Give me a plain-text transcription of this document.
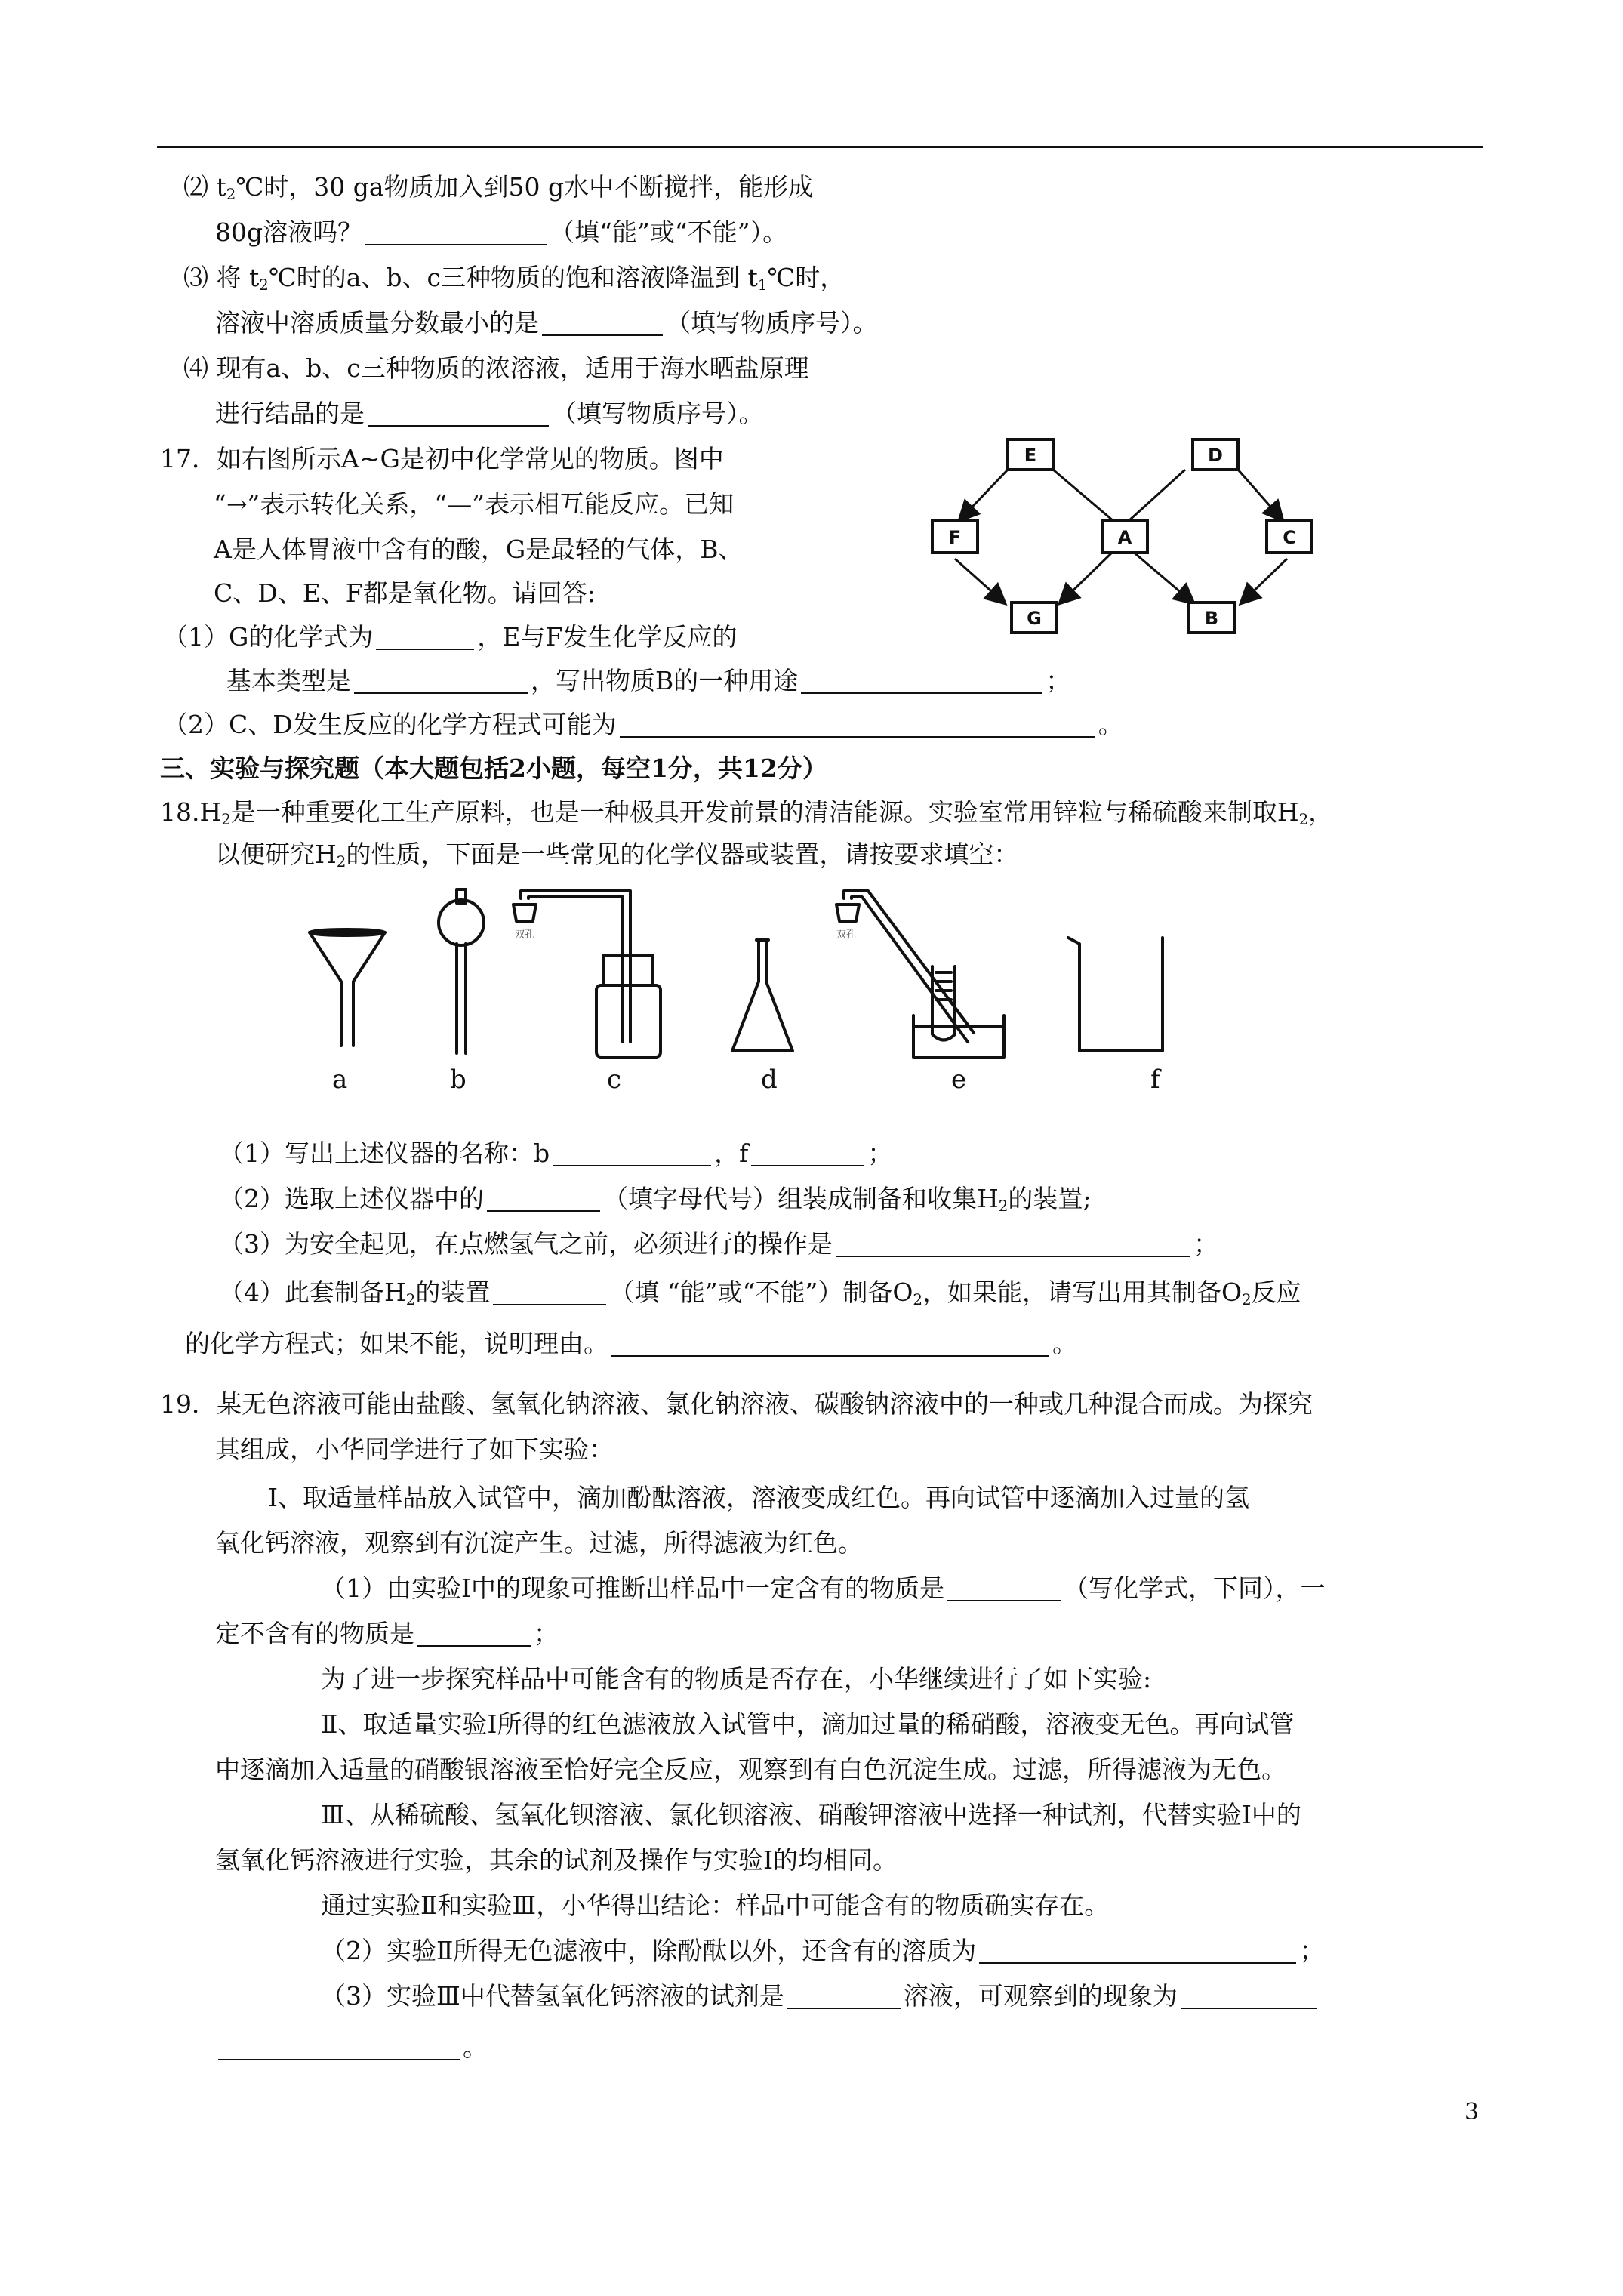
⑵ $t_2℃$时，30 ga物质加入到50 g水中不断搅拌，能形成
80g溶液吗？	（填“能”或“不能”）。
⑶ 将 $t_2℃$时的a、b、c三种物质的饱和溶液降温到 $t_1℃$时，
溶液中溶质质量分数最小的是	（填写物质序号）。
⑷ 现有a、b、c三种物质的浓溶液，适用于海水晒盐原理
进行结晶的是	（填写物质序号）。
17．如右图所示A~G是初中化学常见的物质。图中
“→”表示转化关系，“—”表示相互能反应。已知
A是人体胃液中含有的酸，G是最轻的气体，B、
C、D、E、F都是氧化物。请回答:
（1）G的化学式为	，E与F发生化学反应的
基本类型是	，写出物质B的一种用途	；
（2）C、D发生反应的化学方程式可能为	。
E	D
F	A	C
G	B
三、实验与探究题（本大题包括2小题，每空1分，共12分）
$18.H_2$是一种重要化工生产原料，也是一种极具开发前景的清洁能源。实验室常用锌粒与稀硫酸来制取$H_2$，
以便研究$H_2$的性质，下面是一些常见的化学仪器或装置，请按要求填空：
双孔	双孔
a	b	c	d	e	f
（1）写出上述仪器的名称：b	，f	；
（2）选取上述仪器中的	（填字母代号）组装成制备和收集$H_2$的装置;
（3）为安全起见，在点燃氢气之前，必须进行的操作是	；
（4）此套制备$H_2$的装置	（填 “能”或“不能”）制备$O_2$，如果能，请写出用其制备$O_2$反应
的化学方程式；如果不能，说明理由。	。
19．某无色溶液可能由盐酸、氢氧化钠溶液、氯化钠溶液、碳酸钠溶液中的一种或几种混合而成。为探究
其组成，小华同学进行了如下实验：
Ⅰ、取适量样品放入试管中，滴加酚酞溶液，溶液变成红色。再向试管中逐滴加入过量的氢
氧化钙溶液，观察到有沉淀产生。过滤，所得滤液为红色。
（1）由实验Ⅰ中的现象可推断出样品中一定含有的物质是	（写化学式，下同），一
定不含有的物质是	；
为了进一步探究样品中可能含有的物质是否存在，小华继续进行了如下实验:
Ⅱ、取适量实验Ⅰ所得的红色滤液放入试管中，滴加过量的稀硝酸，溶液变无色。再向试管
中逐滴加入适量的硝酸银溶液至恰好完全反应，观察到有白色沉淀生成。过滤，所得滤液为无色。
Ⅲ、从稀硫酸、氢氧化钡溶液、氯化钡溶液、硝酸钾溶液中选择一种试剂，代替实验Ⅰ中的
氢氧化钙溶液进行实验，其余的试剂及操作与实验Ⅰ的均相同。
通过实验Ⅱ和实验Ⅲ，小华得出结论：样品中可能含有的物质确实存在。
（2）实验Ⅱ所得无色滤液中，除酚酞以外，还含有的溶质为	；
（3）实验Ⅲ中代替氢氧化钙溶液的试剂是	溶液，可观察到的现象为
。
3
